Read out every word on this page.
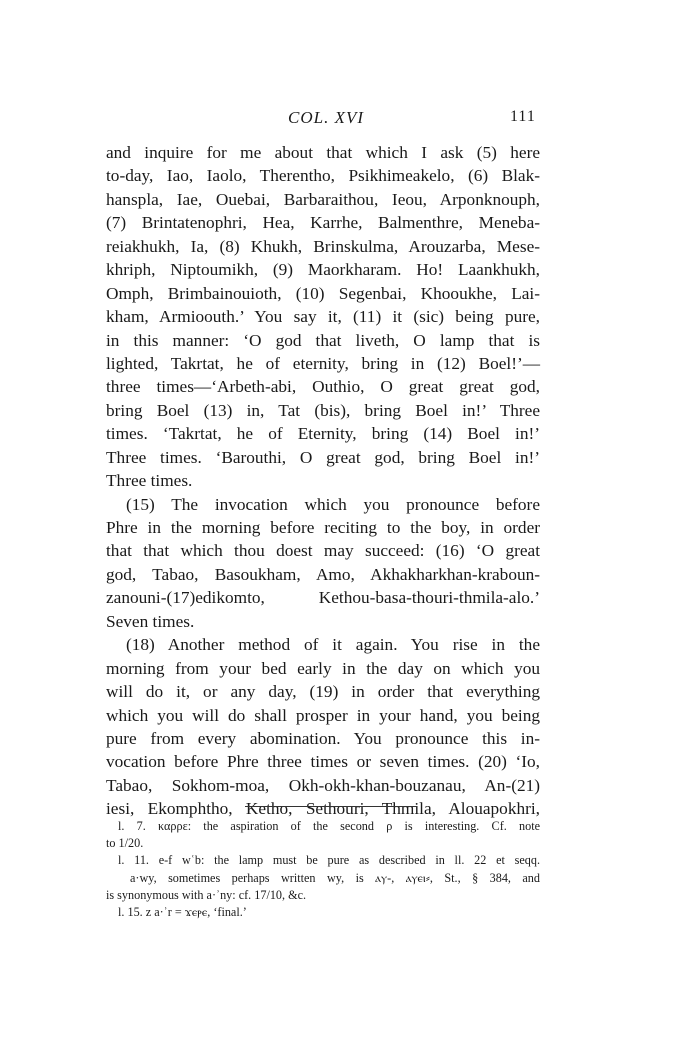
COL. XVI	111
and inquire for me about that which I ask (5) here
to-day, Iao, Iaolo, Therentho, Psikhimeakelo, (6) Blak-
hanspla, Iae, Ouebai, Barbaraithou, Ieou, Arponknouph,
(7) Brintatenophri, Hea, Karrhe, Balmenthre, Meneba-
reiakhukh, Ia, (8) Khukh, Brinskulma, Arouzarba, Mese-
khriph, Niptoumikh, (9) Maorkharam. Ho! Laankhukh,
Omph, Brimbainouioth, (10) Segenbai, Khooukhe, Lai-
kham, Armioouth.’ You say it, (11) it (sic) being pure,
in this manner: ‘O god that liveth, O lamp that is
lighted, Takrtat, he of eternity, bring in (12) Boel!’—
three times—‘Arbeth-abi, Outhio, O great great god,
bring Boel (13) in, Tat (bis), bring Boel in!’ Three
times. ‘Takrtat, he of Eternity, bring (14) Boel in!’
Three times. ‘Barouthi, O great god, bring Boel in!’
Three times.
(15) The invocation which you pronounce before
Phre in the morning before reciting to the boy, in order
that that which thou doest may succeed: (16) ‘O great
god, Tabao, Basoukham, Amo, Akhakharkhan-kraboun-
zanouni-(17)edikomto, Kethou-basa-thouri-thmila-alo.’
Seven times.
(18) Another method of it again. You rise in the
morning from your bed early in the day on which you
will do it, or any day, (19) in order that everything
which you will do shall prosper in your hand, you being
pure from every abomination. You pronounce this in-
vocation before Phre three times or seven times. (20) ‘Io,
Tabao, Sokhom-moa, Okh-okh-khan-bouzanau, An-(21)
iesi, Ekomphtho, Ketho, Sethouri, Thmila, Alouapokhri,
l. 7. καρρε: the aspiration of the second ρ is interesting. Cf. note
to 1/20.
l. 11. e-f wʿb: the lamp must be pure as described in ll. 22 et seqq.
a·wy, sometimes perhaps written wy, is ⲁⲩ-, ⲁⲩⲉⲓ⸗, St., § 384, and
is synonymous with a·ʾny: cf. 17/10, &c.
l. 15. z a·ʾr = ϫⲉⲣⲉ, ‘final.’
